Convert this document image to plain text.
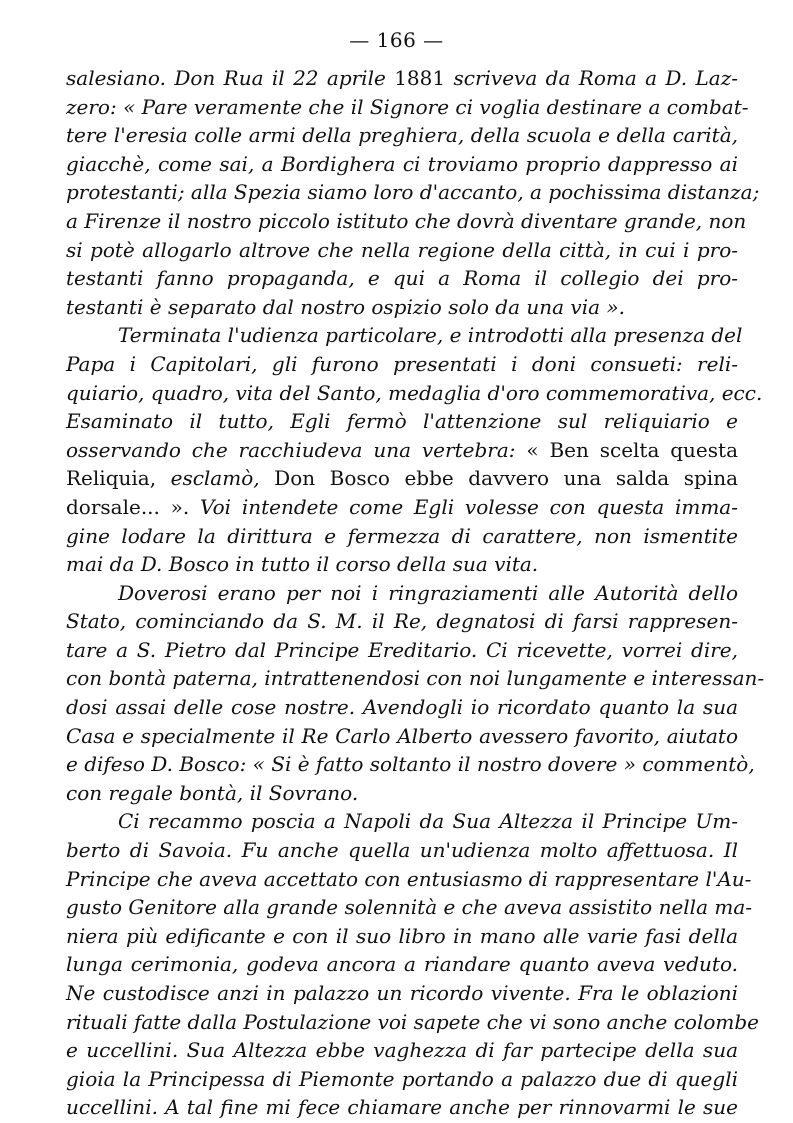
— 166 —
salesiano. Don Rua il 22 aprile 1881 scriveva da Roma a D. Laz-
zero: « Pare veramente che il Signore ci voglia destinare a combat-
tere l'eresia colle armi della preghiera, della scuola e della carità,
giacchè, come sai, a Bordighera ci troviamo proprio dappresso ai
protestanti; alla Spezia siamo loro d'accanto, a pochissima distanza;
a Firenze il nostro piccolo istituto che dovrà diventare grande, non
si potè allogarlo altrove che nella regione della città, in cui i pro-
testanti fanno propaganda, e qui a Roma il collegio dei pro-
testanti è separato dal nostro ospizio solo da una via ».
Terminata l'udienza particolare, e introdotti alla presenza del
Papa i Capitolari, gli furono presentati i doni consueti: reli-
quiario, quadro, vita del Santo, medaglia d'oro commemorativa, ecc.
Esaminato il tutto, Egli fermò l'attenzione sul reliquiario e
osservando che racchiudeva una vertebra: « Ben scelta questa
Reliquia, esclamò, Don Bosco ebbe davvero una salda spina
dorsale... ». Voi intendete come Egli volesse con questa imma-
gine lodare la dirittura e fermezza di carattere, non ismentite
mai da D. Bosco in tutto il corso della sua vita.
Doverosi erano per noi i ringraziamenti alle Autorità dello
Stato, cominciando da S. M. il Re, degnatosi di farsi rappresen-
tare a S. Pietro dal Principe Ereditario. Ci ricevette, vorrei dire,
con bontà paterna, intrattenendosi con noi lungamente e interessan-
dosi assai delle cose nostre. Avendogli io ricordato quanto la sua
Casa e specialmente il Re Carlo Alberto avessero favorito, aiutato
e difeso D. Bosco: « Si è fatto soltanto il nostro dovere » commentò,
con regale bontà, il Sovrano.
Ci recammo poscia a Napoli da Sua Altezza il Principe Um-
berto di Savoia. Fu anche quella un'udienza molto affettuosa. Il
Principe che aveva accettato con entusiasmo di rappresentare l'Au-
gusto Genitore alla grande solennità e che aveva assistito nella ma-
niera più edificante e con il suo libro in mano alle varie fasi della
lunga cerimonia, godeva ancora a riandare quanto aveva veduto.
Ne custodisce anzi in palazzo un ricordo vivente. Fra le oblazioni
rituali fatte dalla Postulazione voi sapete che vi sono anche colombe
e uccellini. Sua Altezza ebbe vaghezza di far partecipe della sua
gioia la Principessa di Piemonte portando a palazzo due di quegli
uccellini. A tal fine mi fece chiamare anche per rinnovarmi le sue
